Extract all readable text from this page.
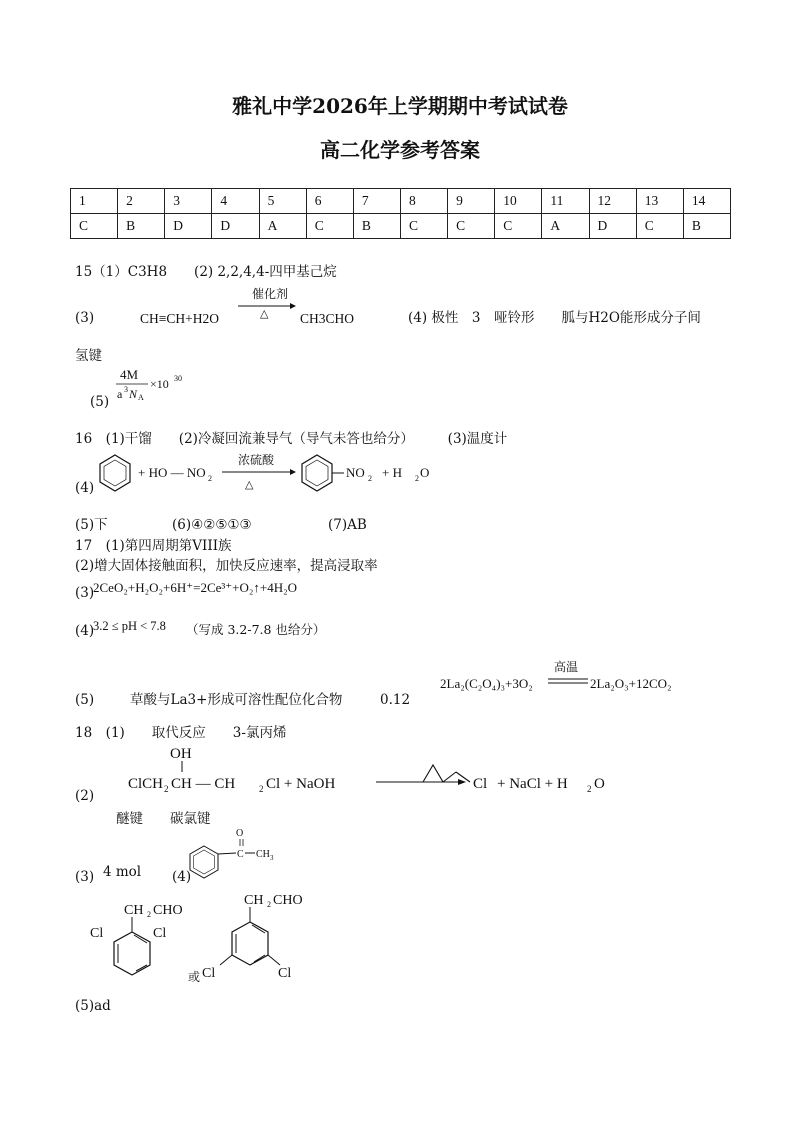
雅礼中学2026年上学期期中考试试卷
高二化学参考答案
1	2	3	4	5	6	7	8	9	10	11	12	13	14
C	B	D	D	A	C	B	C	C	C	A	D	C	B
15（1）C3H8　　(2) 2,2,4,4-四甲基己烷
(3)	CH≡CH+H2O
催化剂
△ CH3CHO	(4) 极性　3　哑铃形　　胍与H2O能形成分子间
氢键
(5)
4M
a 3 N A
×10 30
16　(1)干馏　　(2)冷凝回流兼导气（导气未答也给分）　　　(3)温度计
(4)
+ HO — NO 2
浓硫酸
△
NO 2 + H 2 O
(5)下	(6)④②⑤①③	(7)AB
17　(1)第四周期第VIII族
(2)增大固体接触面积，加快反应速率，提高浸取率
(3)
2CeO₂+H₂O₂+6H⁺=2Ce³⁺+O₂↑+4H₂O
(4)
3.2 ≤ pH < 7.8 （写成 3.2-7.8 也给分）
2La₂(C₂O₄)₃+3O₂
高温
2La₂O₃+12CO₂
(5)	草酸与La3+形成可溶性配位化合物	0.12
18　(1)　　取代反应　　3-氯丙烯
OH
ClCH 2 CH — CH	2 Cl + NaOH	Cl + NaCl + H 2 O
(2)
醚键　　碳氯键
(3) 4 mol (4)
O
C CH 3
CH 2 CHO
Cl	Cl
CH 2 CHO
或 Cl	Cl
(5)ad
